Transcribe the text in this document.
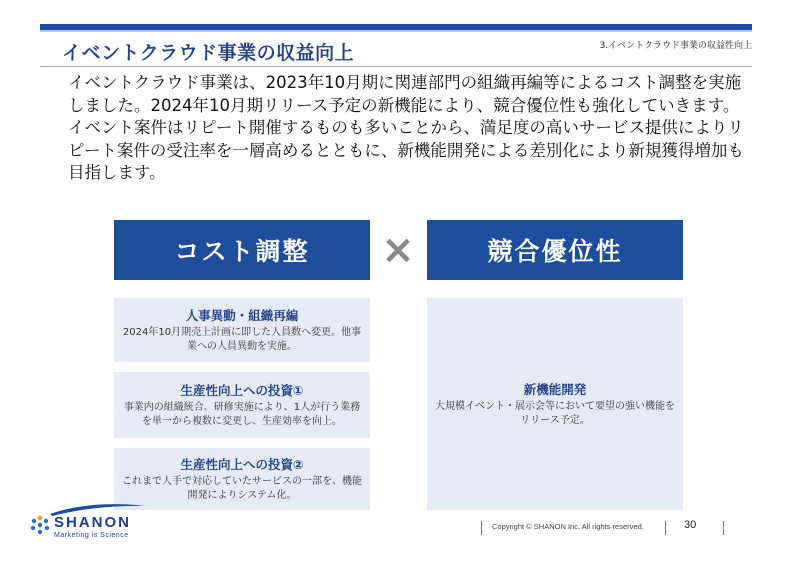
3.イベントクラウド事業の収益性向上
イベントクラウド事業の収益向上

イベントクラウド事業は、2023年10月期に関連部門の組織再編等によるコスト調整を実施しました。2024年10月期リリース予定の新機能により、競合優位性も強化していきます。

イベント案件はリピート開催するものも多いことから、満足度の高いサービス提供によりリピート案件の受注率を一層高めるとともに、新機能開発による差別化により新規獲得増加も目指します。

コスト調整	×	競合優位性
人事異動・組織再編
2024年10月期売上計画に即した人員数へ変更。他事業への人員異動を実施。
生産性向上への投資①
事業内の組織統合、研修実施により、1人が行う業務を単一から複数に変更し、生産効率を向上。
生産性向上への投資②
これまで人手で対応していたサービスの一部を、機能開発によりシステム化。
新機能開発
大規模イベント・展示会等において要望の強い機能をリリース予定。
SHANON
Marketing is Science
Copyright © SHANON Inc. All rights reserved.	30
